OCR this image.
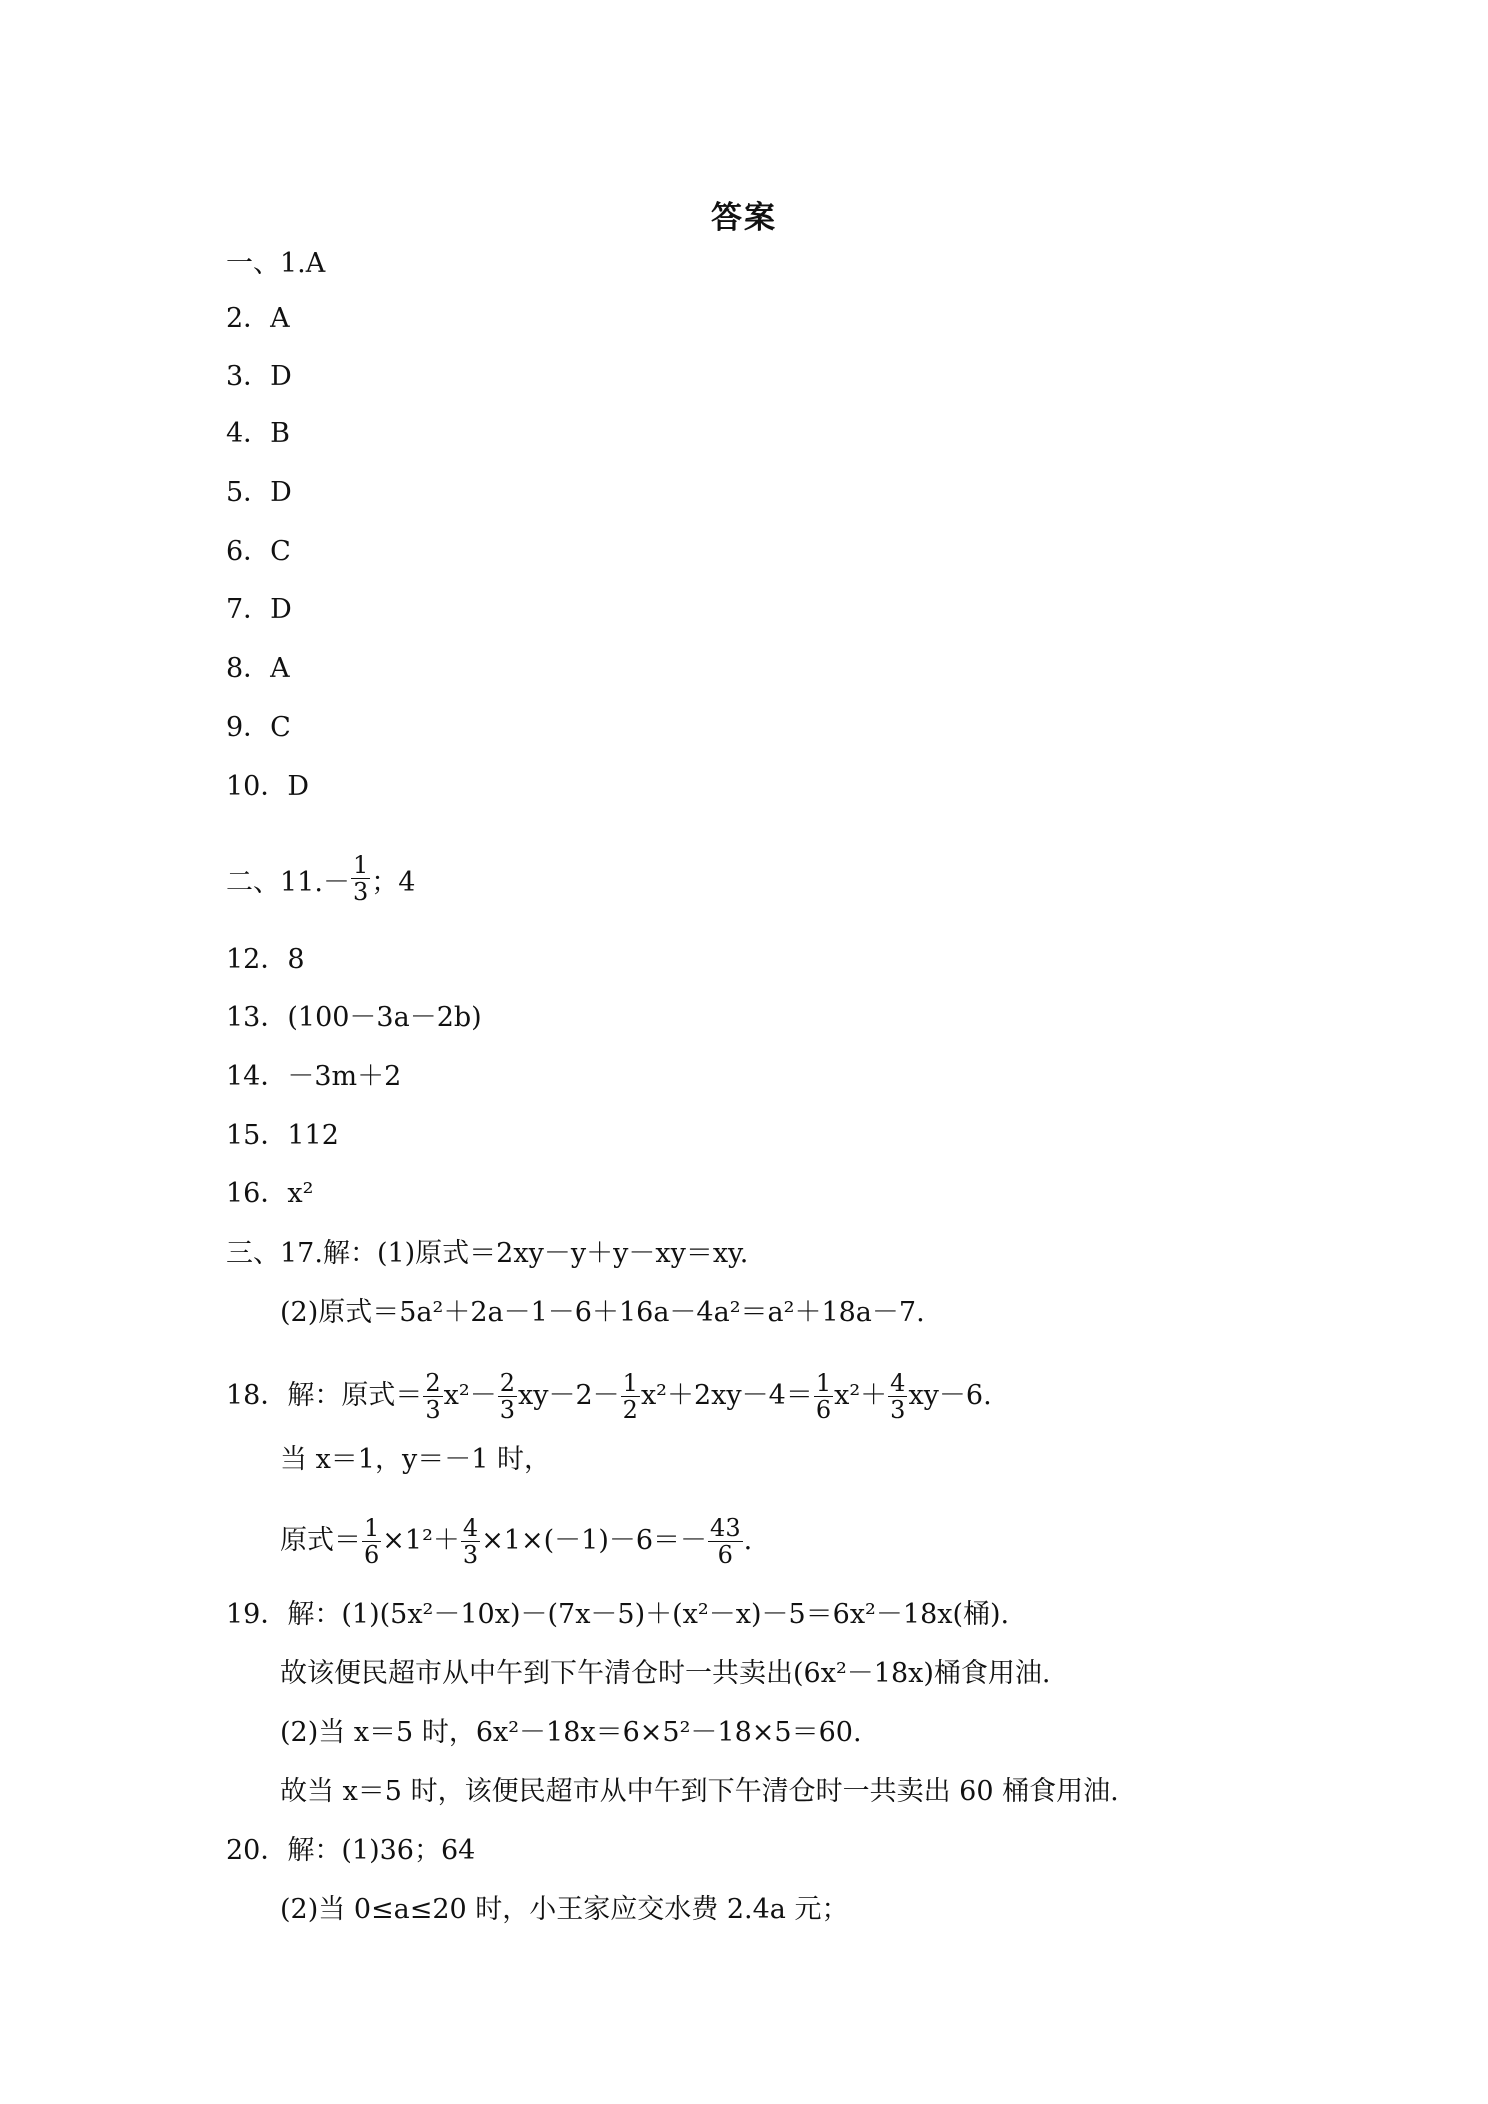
答案
一、1.A
2．A
3．D
4．B
5．D
6．C
7．D
8．A
9．C
10．D
二、$11.- \frac{1}{3}$ ；4
12．8
13．(100－3a－2b)
14．－3m＋2
15．112
16．x²
三、17.解：(1)原式＝2xy－y＋y－xy＝xy.
(2)原式＝5a²＋2a－1－6＋16a－4a²＝a²＋18a－7.
18．解：原式＝ $\frac{2}{3} x^2- \frac{2}{3} xy-2- \frac{1}{2} x^2+2xy-4= \frac{1}{6} x^2+ \frac{4}{3} xy-6$.
当 x＝1，y＝－1 时，
原式＝ $\frac{1}{6} \times 1^2+ \frac{4}{3} \times 1\times(-1)-6=- \frac{43}{6}$ .
19．解：(1)(5x²－10x)－(7x－5)＋(x²－x)－5＝6x²－18x(桶).
故该便民超市从中午到下午清仓时一共卖出(6x²－18x)桶食用油.
(2)当 x＝5 时，6x²－18x＝6×5²－18×5＝60.
故当 x＝5 时，该便民超市从中午到下午清仓时一共卖出 60 桶食用油.
20．解：(1)36；64
(2)当 0≤a≤20 时，小王家应交水费 2.4a 元；
